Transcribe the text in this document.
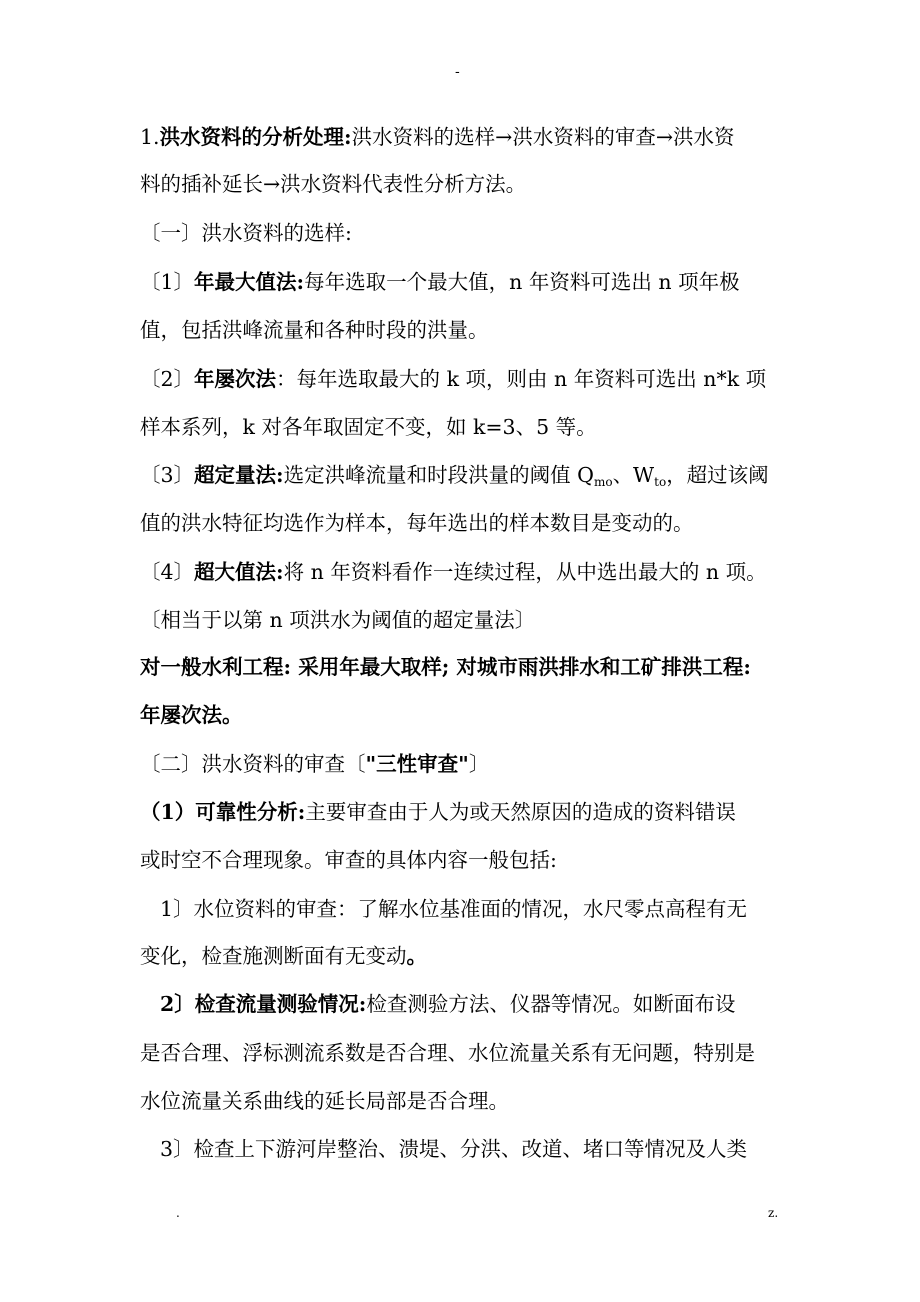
-
1.洪水资料的分析处理:洪水资料的选样→洪水资料的审查→洪水资
料的插补延长→洪水资料代表性分析方法。
〔一〕洪水资料的选样:
〔1〕年最大值法:每年选取一个最大值，n 年资料可选出 n 项年极
值，包括洪峰流量和各种时段的洪量。
〔2〕年屡次法：每年选取最大的 k 项，则由 n 年资料可选出 n*k 项
样本系列，k 对各年取固定不变，如 k=3、5 等。
〔3〕超定量法:选定洪峰流量和时段洪量的阈值 $Q_{mo}$、$W_{to}$，超过该阈
值的洪水特征均选作为样本，每年选出的样本数目是变动的。
〔4〕超大值法:将 n 年资料看作一连续过程，从中选出最大的 n 项。
〔相当于以第 n 项洪水为阈值的超定量法〕
对一般水利工程: 采用年最大取样; 对城市雨洪排水和工矿排洪工程:
年屡次法。
〔二〕洪水资料的审查〔"三性审查"〕
（1）可靠性分析:主要审查由于人为或天然原因的造成的资料错误
或时空不合理现象。审查的具体内容一般包括:
1〕水位资料的审查：了解水位基准面的情况，水尺零点高程有无
变化，检查施测断面有无变动。
2〕检查流量测验情况:检查测验方法、仪器等情况。如断面布设
是否合理、浮标测流系数是否合理、水位流量关系有无问题，特别是
水位流量关系曲线的延长局部是否合理。
3〕检查上下游河岸整治、溃堤、分洪、改道、堵口等情况及人类
.	z.
